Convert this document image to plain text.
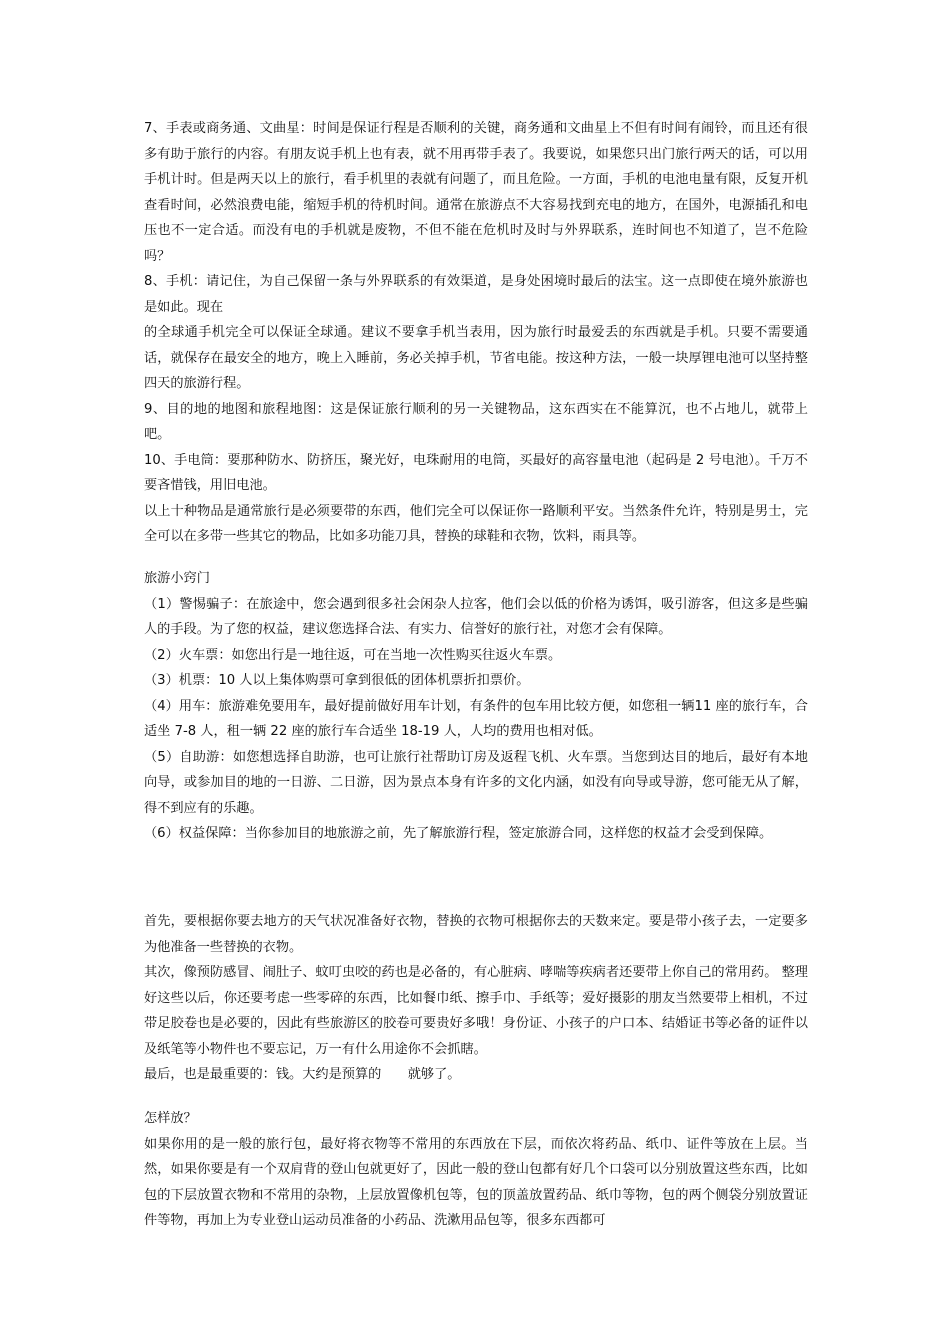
7、手表或商务通、文曲星：时间是保证行程是否顺利的关键，商务通和文曲星上不但有时间有闹铃，而且还有很多有助于旅行的内容。有朋友说手机上也有表，就不用再带手表了。我要说，如果您只出门旅行两天的话，可以用手机计时。但是两天以上的旅行，看手机里的表就有问题了，而且危险。一方面，手机的电池电量有限，反复开机查看时间，必然浪费电能，缩短手机的待机时间。通常在旅游点不大容易找到充电的地方，在国外，电源插孔和电压也不一定合适。而没有电的手机就是废物，不但不能在危机时及时与外界联系，连时间也不知道了，岂不危险吗？

8、手机：请记住，为自己保留一条与外界联系的有效渠道，是身处困境时最后的法宝。这一点即使在境外旅游也是如此。现在

的全球通手机完全可以保证全球通。建议不要拿手机当表用，因为旅行时最爱丢的东西就是手机。只要不需要通话，就保存在最安全的地方，晚上入睡前，务必关掉手机，节省电能。按这种方法，一般一块厚锂电池可以坚持整四天的旅游行程。

9、目的地的地图和旅程地图：这是保证旅行顺利的另一关键物品，这东西实在不能算沉，也不占地儿，就带上吧。

10、手电筒：要那种防水、防挤压，聚光好，电珠耐用的电筒，买最好的高容量电池（起码是 2 号电池）。千万不要吝惜钱，用旧电池。

以上十种物品是通常旅行是必须要带的东西，他们完全可以保证你一路顺利平安。当然条件允许，特别是男士，完全可以在多带一些其它的物品，比如多功能刀具，替换的球鞋和衣物，饮料，雨具等。

旅游小窍门

（1）警惕骗子：在旅途中，您会遇到很多社会闲杂人拉客，他们会以低的价格为诱饵，吸引游客，但这多是些骗人的手段。为了您的权益，建议您选择合法、有实力、信誉好的旅行社，对您才会有保障。

（2）火车票：如您出行是一地往返，可在当地一次性购买往返火车票。

（3）机票：10 人以上集体购票可拿到很低的团体机票折扣票价。

（4）用车：旅游难免要用车，最好提前做好用车计划，有条件的包车用比较方便，如您租一辆11 座的旅行车，合适坐 7-8 人，租一辆 22 座的旅行车合适坐 18-19 人，人均的费用也相对低。

（5）自助游：如您想选择自助游，也可让旅行社帮助订房及返程飞机、火车票。当您到达目的地后，最好有本地向导，或参加目的地的一日游、二日游，因为景点本身有许多的文化内涵，如没有向导或导游，您可能无从了解，得不到应有的乐趣。

（6）权益保障：当你参加目的地旅游之前，先了解旅游行程，签定旅游合同，这样您的权益才会受到保障。

首先，要根据你要去地方的天气状况准备好衣物，替换的衣物可根据你去的天数来定。要是带小孩子去，一定要多为他准备一些替换的衣物。

其次，像预防感冒、闹肚子、蚊叮虫咬的药也是必备的，有心脏病、哮喘等疾病者还要带上你自己的常用药。 整理好这些以后，你还要考虑一些零碎的东西，比如餐巾纸、擦手巾、手纸等；爱好摄影的朋友当然要带上相机，不过带足胶卷也是必要的，因此有些旅游区的胶卷可要贵好多哦！身份证、小孩子的户口本、结婚证书等必备的证件以及纸笔等小物件也不要忘记，万一有什么用途你不会抓瞎。

最后，也是最重要的：钱。大约是预算的　　就够了。

怎样放？

如果你用的是一般的旅行包，最好将衣物等不常用的东西放在下层，而依次将药品、纸巾、证件等放在上层。当然，如果你要是有一个双肩背的登山包就更好了，因此一般的登山包都有好几个口袋可以分别放置这些东西，比如包的下层放置衣物和不常用的杂物，上层放置像机包等，包的顶盖放置药品、纸巾等物，包的两个侧袋分别放置证件等物，再加上为专业登山运动员准备的小药品、洗漱用品包等，很多东西都可
